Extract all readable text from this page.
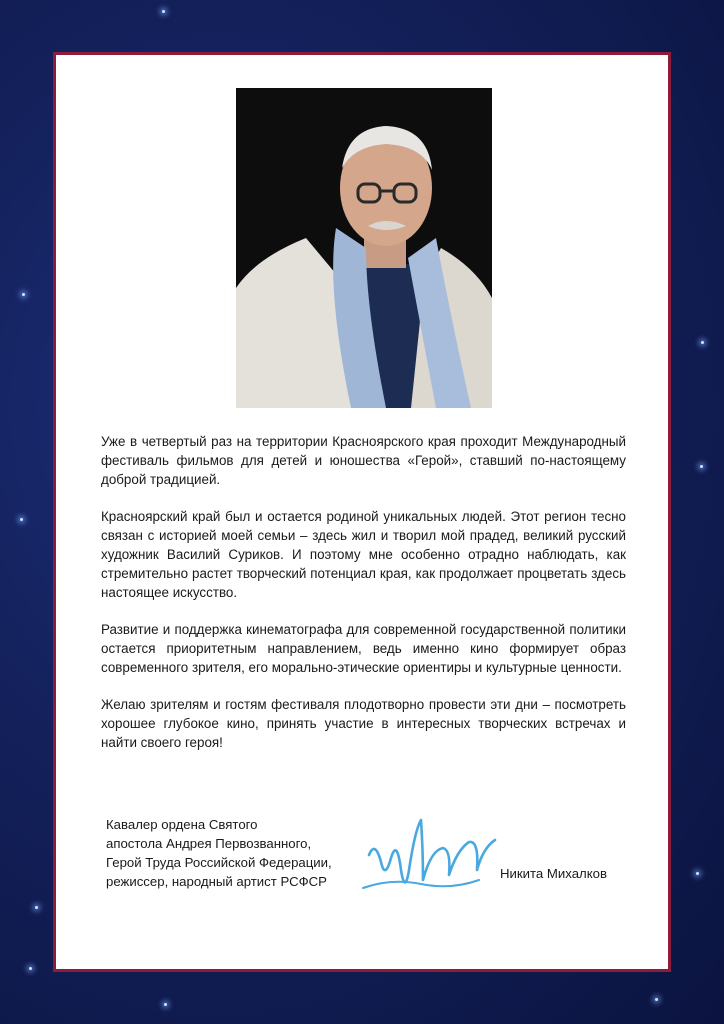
Уже в четвертый раз на территории Красноярского края проходит Международный фестиваль фильмов для детей и юношества «Герой», ставший по-настоящему доброй традицией.

Красноярский край был и остается родиной уникальных людей. Этот регион тесно связан с историей моей семьи – здесь жил и творил мой прадед, великий русский художник Василий Суриков. И поэтому мне особенно отрадно наблюдать, как стремительно растет творческий потенциал края, как продолжает процветать здесь настоящее искусство.

Развитие и поддержка кинематографа для современной государственной политики остается приоритетным направлением, ведь именно кино формирует образ современного зрителя, его морально-этические ориентиры и культурные ценности.

Желаю зрителям и гостям фестиваля плодотворно провести эти дни – посмотреть хорошее глубокое кино, принять участие в интересных творческих встречах и найти своего героя!

Кавалер ордена Святого
апостола Андрея Первозванного,
Герой Труда Российской Федерации,
режиссер, народный артист РСФСР
Никита Михалков
